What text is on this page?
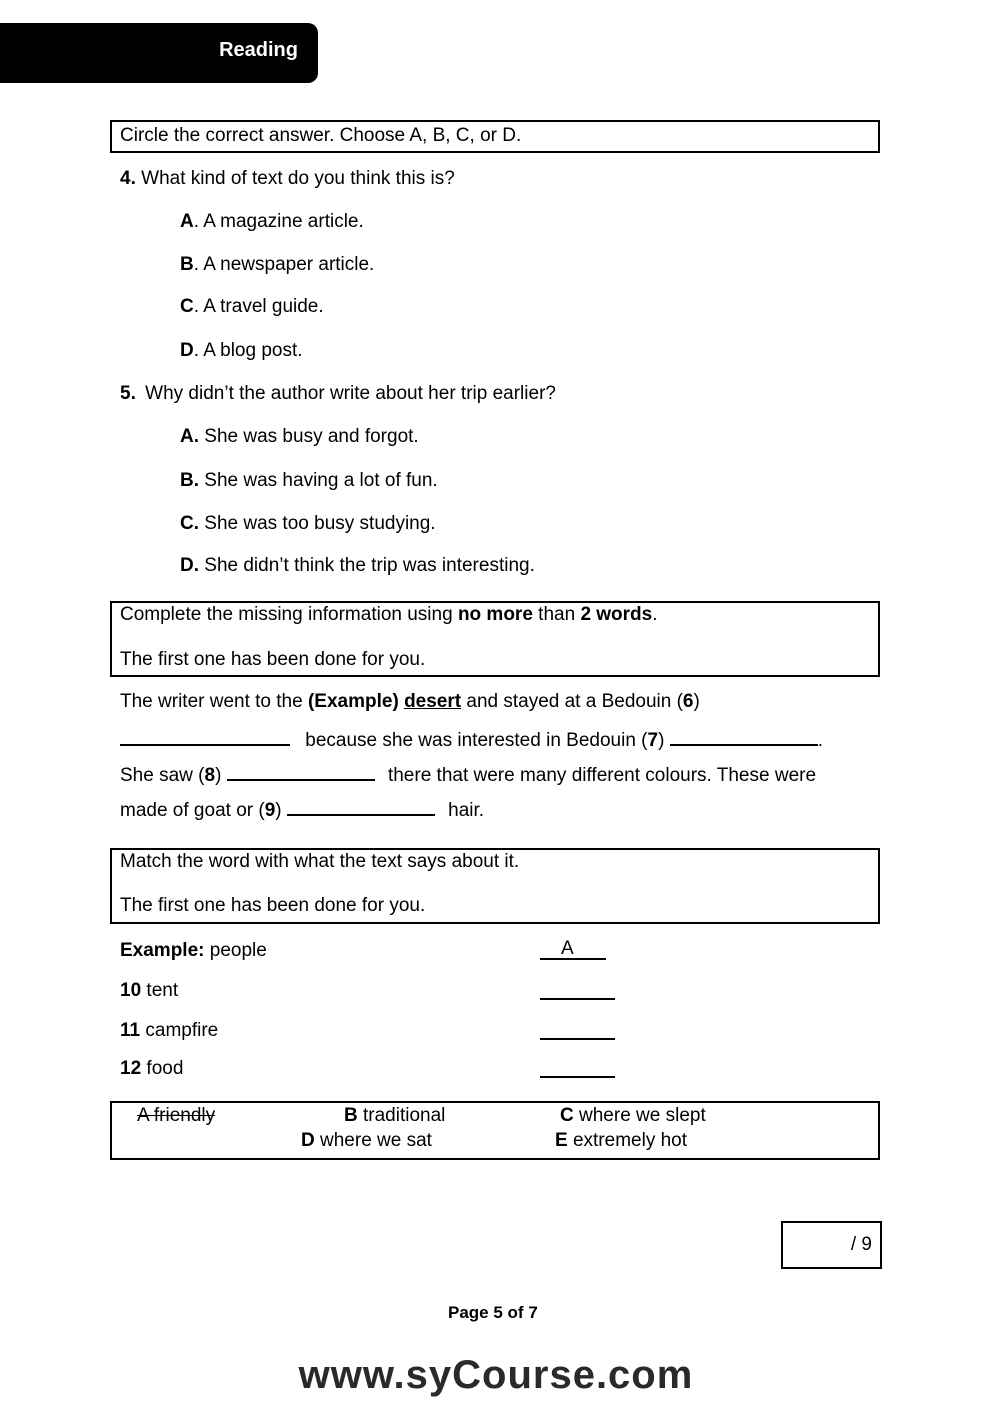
Reading
Circle the correct answer. Choose A, B, C, or D.
4. What kind of text do you think this is?
A. A magazine article.
B. A newspaper article.
C. A travel guide.
D. A blog post.
5. Why didn’t the author write about her trip earlier?
A. She was busy and forgot.
B. She was having a lot of fun.
C. She was too busy studying.
D. She didn’t think the trip was interesting.
Complete the missing information using no more than 2 words.
The first one has been done for you.
The writer went to the (Example) desert and stayed at a Bedouin (6)
because she was interested in Bedouin (7)	.
She saw (8)	there that were many different colours. These were
made of goat or (9)	hair.
Match the word with what the text says about it.
The first one has been done for you.
Example: people	A
10 tent
11 campfire
12 food
A friendly	B traditional	C where we slept
D where we sat	E extremely hot
/ 9
Page 5 of 7
www.syCourse.com
